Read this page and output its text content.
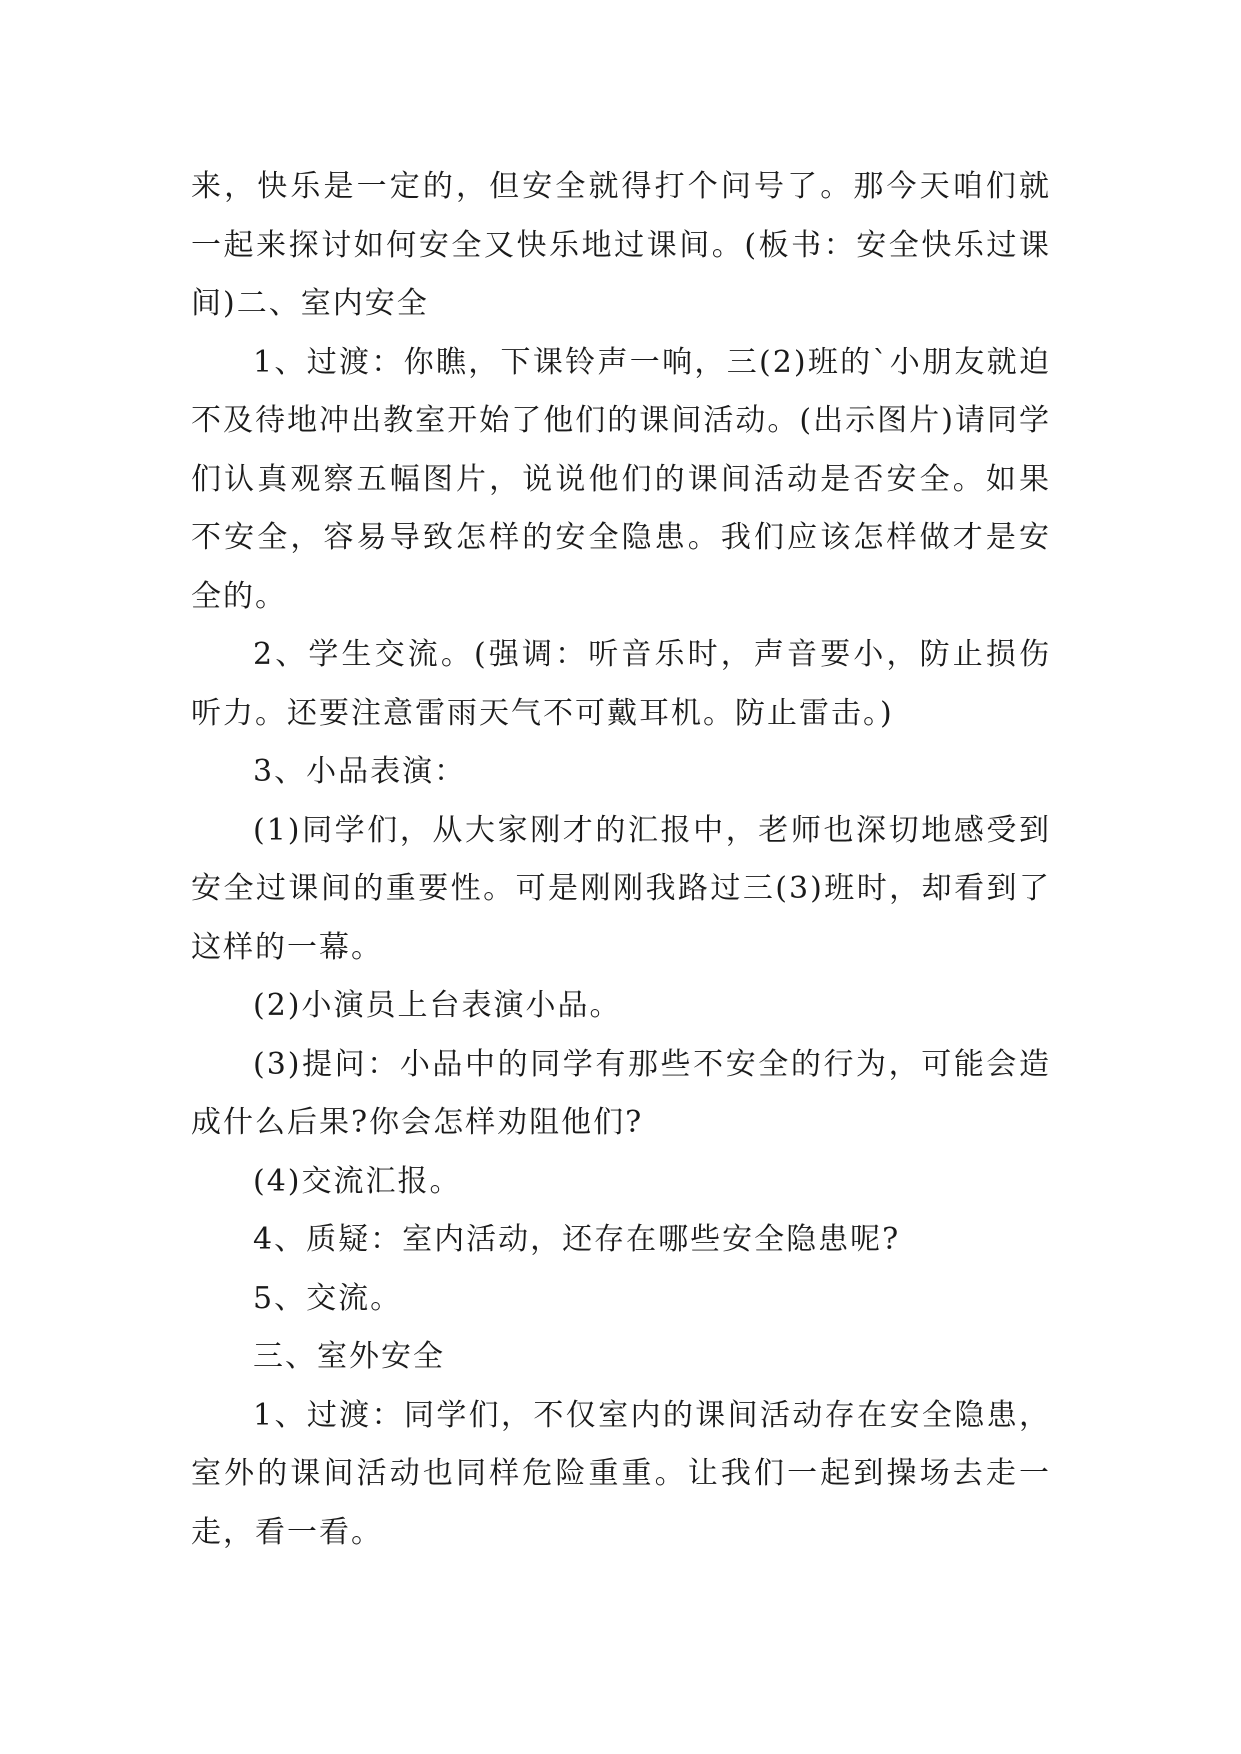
来，快乐是一定的，但安全就得打个问号了。那今天咱们就一起来探讨如何安全又快乐地过课间。(板书：安全快乐过课间)二、室内安全

1、过渡：你瞧，下课铃声一响，三(2)班的`小朋友就迫不及待地冲出教室开始了他们的课间活动。(出示图片)请同学们认真观察五幅图片，说说他们的课间活动是否安全。如果不安全，容易导致怎样的安全隐患。我们应该怎样做才是安全的。

2、学生交流。(强调：听音乐时，声音要小，防止损伤听力。还要注意雷雨天气不可戴耳机。防止雷击。)

3、小品表演：

(1)同学们，从大家刚才的汇报中，老师也深切地感受到安全过课间的重要性。可是刚刚我路过三(3)班时，却看到了这样的一幕。

(2)小演员上台表演小品。

(3)提问：小品中的同学有那些不安全的行为，可能会造成什么后果?你会怎样劝阻他们?

(4)交流汇报。

4、质疑：室内活动，还存在哪些安全隐患呢?

5、交流。

三、室外安全

1、过渡：同学们，不仅室内的课间活动存在安全隐患，室外的课间活动也同样危险重重。让我们一起到操场去走一走，看一看。
